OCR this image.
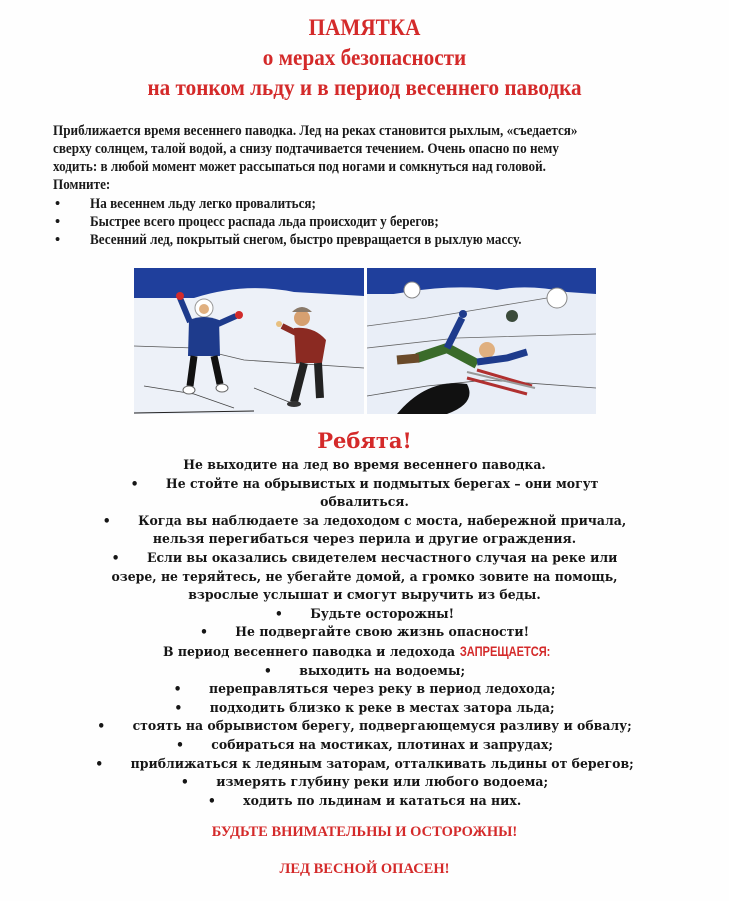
ПАМЯТКА
о мерах безопасности
на тонком льду и в период весеннего паводка
Приближается время весеннего паводка. Лед на реках становится рыхлым, «съедается»
сверху солнцем, талой водой, а снизу подтачивается течением. Очень опасно по нему
ходить: в любой момент может рассыпаться под ногами и сомкнуться над головой.
Помните:
• На весеннем льду легко провалиться;
• Быстрее всего процесс распада льда происходит у берегов;
• Весенний лед, покрытый снегом, быстро превращается в рыхлую массу.
Ребята!
Не выходите на лед во время весеннего паводка.
• Не стойте на обрывистых и подмытых берегах – они могут
обвалиться.
• Когда вы наблюдаете за ледоходом с моста, набережной причала,
нельзя перегибаться через перила и другие ограждения.
• Если вы оказались свидетелем несчастного случая на реке или
озере, не теряйтесь, не убегайте домой, а громко зовите на помощь,
взрослые услышат и смогут выручить из беды.
• Будьте осторожны!
• Не подвергайте свою жизнь опасности!
В период весеннего паводка и ледохода ЗАПРЕЩАЕТСЯ:
• выходить на водоемы;
• переправляться через реку в период ледохода;
• подходить близко к реке в местах затора льда;
• стоять на обрывистом берегу, подвергающемуся разливу и обвалу;
• собираться на мостиках, плотинах и запрудах;
• приближаться к ледяным заторам, отталкивать льдины от берегов;
• измерять глубину реки или любого водоема;
• ходить по льдинам и кататься на них.
БУДЬТЕ ВНИМАТЕЛЬНЫ И ОСТОРОЖНЫ!
ЛЕД ВЕСНОЙ ОПАСЕН!
